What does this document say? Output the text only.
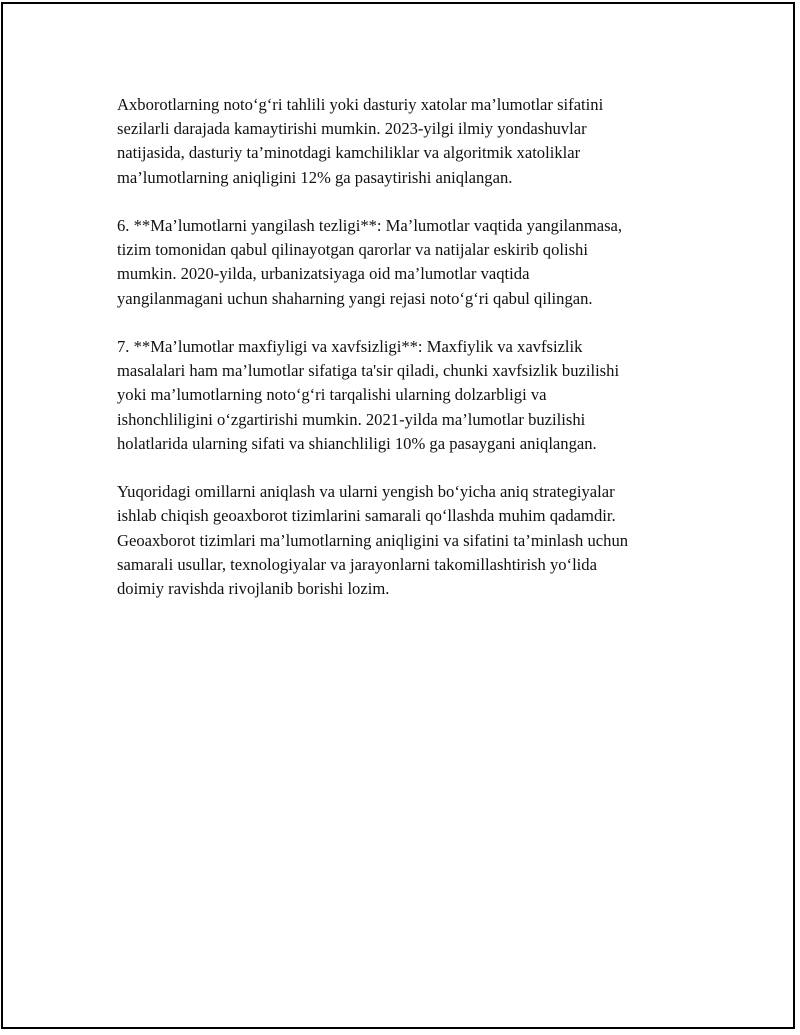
Axborotlarning noto‘g‘ri tahlili yoki dasturiy xatolar ma’lumotlar sifatini
sezilarli darajada kamaytirishi mumkin. 2023-yilgi ilmiy yondashuvlar
natijasida, dasturiy ta’minotdagi kamchiliklar va algoritmik xatoliklar
ma’lumotlarning aniqligini 12% ga pasaytirishi aniqlangan.

6. **Ma’lumotlarni yangilash tezligi**: Ma’lumotlar vaqtida yangilanmasa,
tizim tomonidan qabul qilinayotgan qarorlar va natijalar eskirib qolishi
mumkin. 2020-yilda, urbanizatsiyaga oid ma’lumotlar vaqtida
yangilanmagani uchun shaharning yangi rejasi noto‘g‘ri qabul qilingan.

7. **Ma’lumotlar maxfiyligi va xavfsizligi**: Maxfiylik va xavfsizlik
masalalari ham ma’lumotlar sifatiga ta'sir qiladi, chunki xavfsizlik buzilishi
yoki ma’lumotlarning noto‘g‘ri tarqalishi ularning dolzarbligi va
ishonchliligini o‘zgartirishi mumkin. 2021-yilda ma’lumotlar buzilishi
holatlarida ularning sifati va shianchliligi 10% ga pasaygani aniqlangan.

Yuqoridagi omillarni aniqlash va ularni yengish bo‘yicha aniq strategiyalar
ishlab chiqish geoaxborot tizimlarini samarali qo‘llashda muhim qadamdir.
Geoaxborot tizimlari ma’lumotlarning aniqligini va sifatini ta’minlash uchun
samarali usullar, texnologiyalar va jarayonlarni takomillashtirish yo‘lida
doimiy ravishda rivojlanib borishi lozim.
